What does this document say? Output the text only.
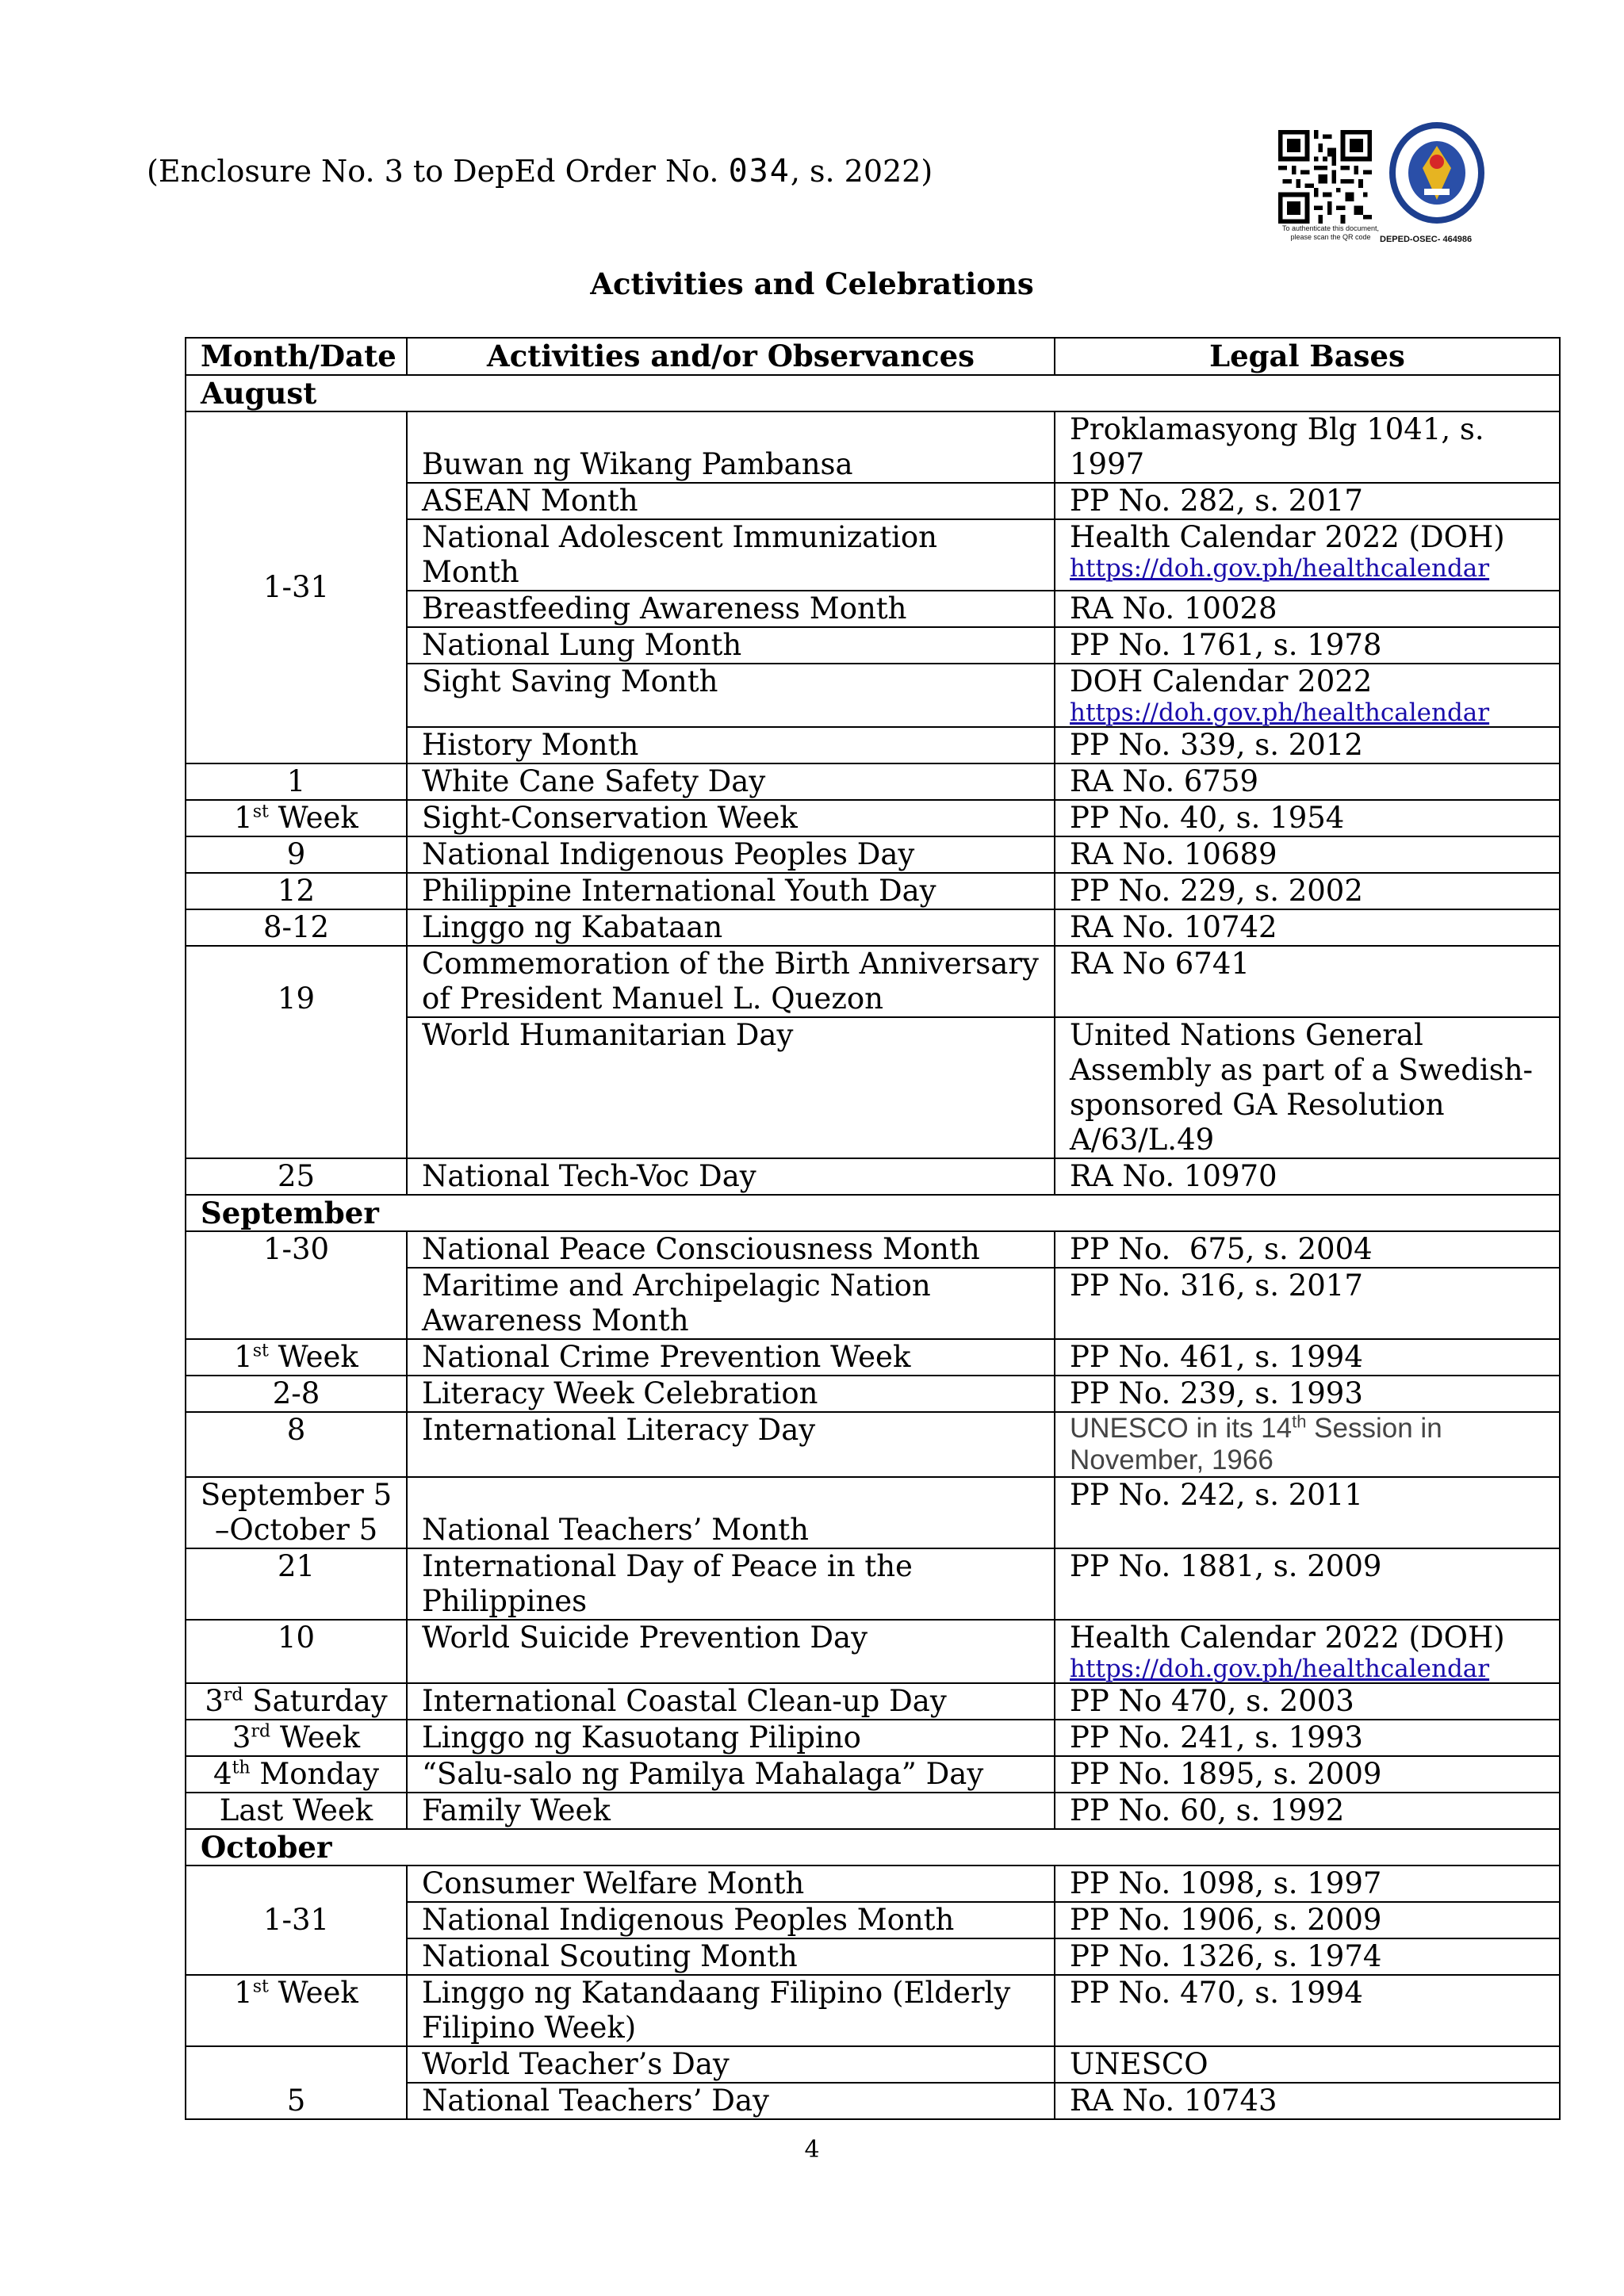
(Enclosure No. 3 to DepEd Order No. 034, s. 2022)
To authenticate this document,
please scan the QR code	DEPED-OSEC- 464986
Activities and Celebrations
Month/Date	Activities and/or Observances	Legal Bases
August		
1-31	Buwan ng Wikang Pambansa	Proklamasyong Blg 1041, s.
1997

	ASEAN Month	PP No. 282, s. 2017
	National Adolescent Immunization Month	Health Calendar 2022 (DOH)
https://doh.gov.ph/healthcalendar

	Breastfeeding Awareness Month	RA No. 10028
	National Lung Month	PP No. 1761, s. 1978
	Sight Saving Month	DOH Calendar 2022
https://doh.gov.ph/healthcalendar

	History Month	PP No. 339, s. 2012
1	White Cane Safety Day	RA No. 6759
1st Week	Sight-Conservation Week	PP No. 40, s. 1954
9	National Indigenous Peoples Day	RA No. 10689
12	Philippine International Youth Day	PP No. 229, s. 2002
8-12	Linggo ng Kabataan	RA No. 10742
19	Commemoration of the Birth Anniversary
of President Manuel L. Quezon	RA No 6741
	World Humanitarian Day	United Nations General
Assembly as part of a Swedish-
sponsored GA Resolution
A/63/L.49

25	National Tech-Voc Day	RA No. 10970
September		
1-30	National Peace Consciousness Month	PP No.  675, s. 2004

	Maritime and Archipelagic Nation
Awareness Month	PP No. 316, s. 2017
1st Week	National Crime Prevention Week	PP No. 461, s. 1994
2-8	Literacy Week Celebration	PP No. 239, s. 1993
8	International Literacy Day	UNESCO in its 14th Session in
November, 1966

September 5
–October 5	National Teachers’ Month	PP No. 242, s. 2011
21	International Day of Peace in the
Philippines	PP No. 1881, s. 2009
10	World Suicide Prevention Day	Health Calendar 2022 (DOH)
https://doh.gov.ph/healthcalendar

3rd Saturday	International Coastal Clean-up Day	PP No 470, s. 2003
3rd Week	Linggo ng Kasuotang Pilipino	PP No. 241, s. 1993
4th Monday	“Salu-salo ng Pamilya Mahalaga” Day	PP No. 1895, s. 2009
Last Week	Family Week	PP No. 60, s. 1992
October		
1-31	Consumer Welfare Month	PP No. 1098, s. 1997
	National Indigenous Peoples Month	PP No. 1906, s. 2009
	National Scouting Month	PP No. 1326, s. 1974
1st Week	Linggo ng Katandaang Filipino (Elderly
Filipino Week)	PP No. 470, s. 1994
5	World Teacher’s Day	UNESCO
	National Teachers’ Day	RA No. 10743
4
